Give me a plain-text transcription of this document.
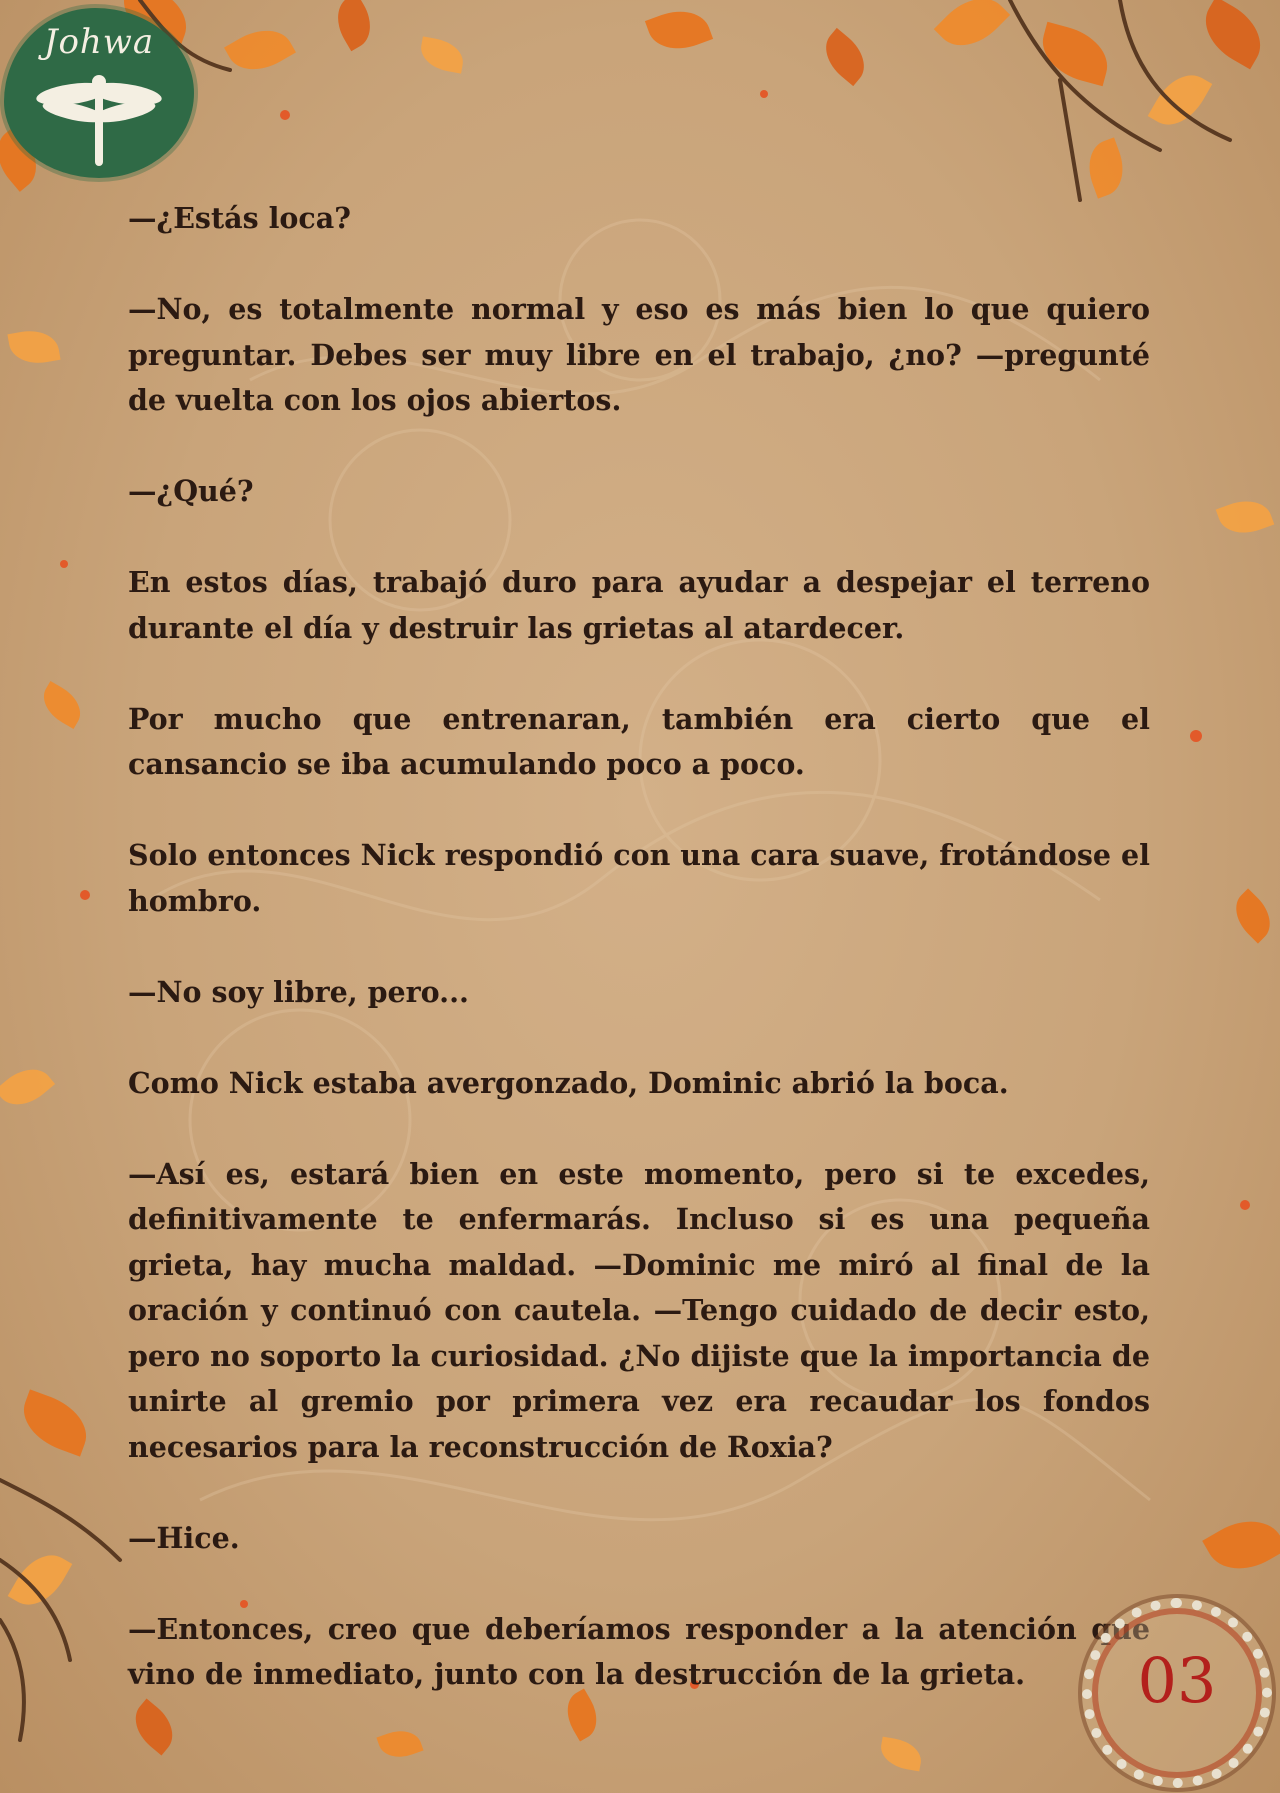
Johwa

—¿Estás loca?

—No, es totalmente normal y eso es más bien lo que quiero preguntar. Debes ser muy libre en el trabajo, ¿no? —pregunté de vuelta con los ojos abiertos.

—¿Qué?

En estos días, trabajó duro para ayudar a despejar el terreno durante el día y destruir las grietas al atardecer.

Por mucho que entrenaran, también era cierto que el cansancio se iba acumulando poco a poco.

Solo entonces Nick respondió con una cara suave, frotándose el hombro.

—No soy libre, pero...

Como Nick estaba avergonzado, Dominic abrió la boca.

—Así es, estará bien en este momento, pero si te excedes, definitivamente te enfermarás. Incluso si es una pequeña grieta, hay mucha maldad. —Dominic me miró al final de la oración y continuó con cautela. —Tengo cuidado de decir esto, pero no soporto la curiosidad. ¿No dijiste que la importancia de unirte al gremio por primera vez era recaudar los fondos necesarios para la reconstrucción de Roxia?

—Hice.

—Entonces, creo que deberíamos responder a la atención que vino de inmediato, junto con la destrucción de la grieta.	03
